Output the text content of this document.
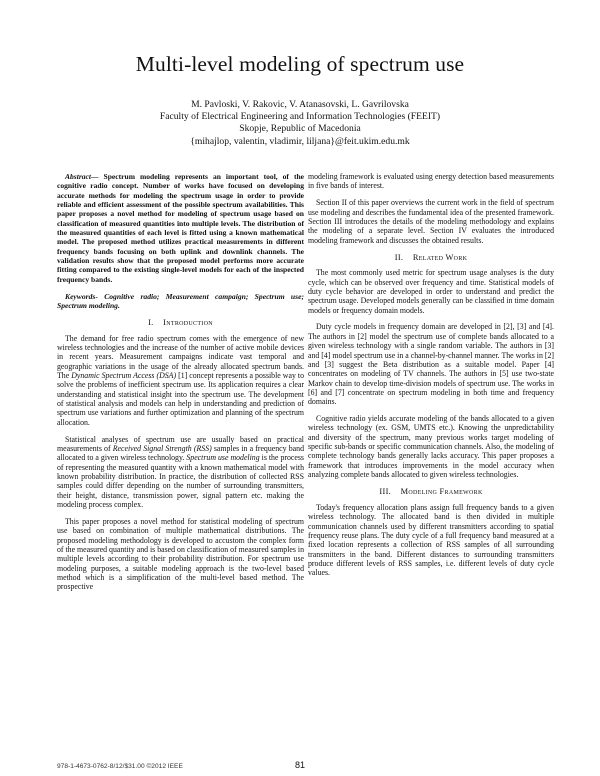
Multi-level modeling of spectrum use
M. Pavloski, V. Rakovic, V. Atanasovski, L. Gavrilovska
Faculty of Electrical Engineering and Information Technologies (FEEIT)
Skopje, Republic of Macedonia
{mihajlop, valentin, vladimir, liljana}@feit.ukim.edu.mk

Abstract— Spectrum modeling represents an important tool, of the cognitive radio concept. Number of works have focused on developing accurate methods for modeling the spectrum usage in order to provide reliable and efficient assessment of the possible spectrum availabilities. This paper proposes a novel method for modeling of spectrum usage based on classification of measured quantities into multiple levels. The distribution of the measured quantities of each level is fitted using a known mathematical model. The proposed method utilizes practical measurements in different frequency bands focusing on both uplink and downlink channels. The validation results show that the proposed model performs more accurate fitting compared to the existing single-level models for each of the inspected frequency bands.

Keywords- Cognitive radio; Measurement campaign; Spectrum use; Spectrum modeling.

I. Introduction

The demand for free radio spectrum comes with the emergence of new wireless technologies and the increase of the number of active mobile devices in recent years. Measurement campaigns indicate vast temporal and geographic variations in the usage of the already allocated spectrum bands. The Dynamic Spectrum Access (DSA) [1] concept represents a possible way to solve the problems of inefficient spectrum use. Its application requires a clear understanding and statistical insight into the spectrum use. The development of statistical analysis and models can help in understanding and prediction of spectrum use variations and further optimization and planning of the spectrum allocation.

Statistical analyses of spectrum use are usually based on practical measurements of Received Signal Strength (RSS) samples in a frequency band allocated to a given wireless technology. Spectrum use modeling is the process of representing the measured quantity with a known mathematical model with known probability distribution. In practice, the distribution of collected RSS samples could differ depending on the number of surrounding transmitters, their height, distance, transmission power, signal pattern etc. making the modeling process complex.

This paper proposes a novel method for statistical modeling of spectrum use based on combination of multiple mathematical distributions. The proposed modeling methodology is developed to accustom the complex form of the measured quantity and is based on classification of measured samples in multiple levels according to their probability distribution. For spectrum use modeling purposes, a suitable modeling approach is the two-level based method which is a simplification of the multi-level based method. The prospective

modeling framework is evaluated using energy detection based measurements in five bands of interest.

Section II of this paper overviews the current work in the field of spectrum use modeling and describes the fundamental idea of the presented framework. Section III introduces the details of the modeling methodology and explains the modeling of a separate level. Section IV evaluates the introduced modeling framework and discusses the obtained results.

II. Related Work

The most commonly used metric for spectrum usage analyses is the duty cycle, which can be observed over frequency and time. Statistical models of duty cycle behavior are developed in order to understand and predict the spectrum usage. Developed models generally can be classified in time domain models or frequency domain models.

Duty cycle models in frequency domain are developed in [2], [3] and [4]. The authors in [2] model the spectrum use of complete bands allocated to a given wireless technology with a single random variable. The authors in [3] and [4] model spectrum use in a channel-by-channel manner. The works in [2] and [3] suggest the Beta distribution as a suitable model. Paper [4] concentrates on modeling of TV channels. The authors in [5] use two-state Markov chain to develop time-division models of spectrum use. The works in [6] and [7] concentrate on spectrum modeling in both time and frequency domains.

Cognitive radio yields accurate modeling of the bands allocated to a given wireless technology (ex. GSM, UMTS etc.). Knowing the unpredictability and diversity of the spectrum, many previous works target modeling of specific sub-bands or specific communication channels. Also, the modeling of complete technology bands generally lacks accuracy. This paper proposes a framework that introduces improvements in the model accuracy when analyzing complete bands allocated to given wireless technologies.

III. Modeling Framework

Today's frequency allocation plans assign full frequency bands to a given wireless technology. The allocated band is then divided in multiple communication channels used by different transmitters according to spatial frequency reuse plans. The duty cycle of a full frequency band measured at a fixed location represents a collection of RSS samples of all surrounding transmitters in the band. Different distances to surrounding transmitters produce different levels of RSS samples, i.e. different levels of duty cycle values.

978-1-4673-0762-8/12/$31.00 ©2012 IEEE	81
